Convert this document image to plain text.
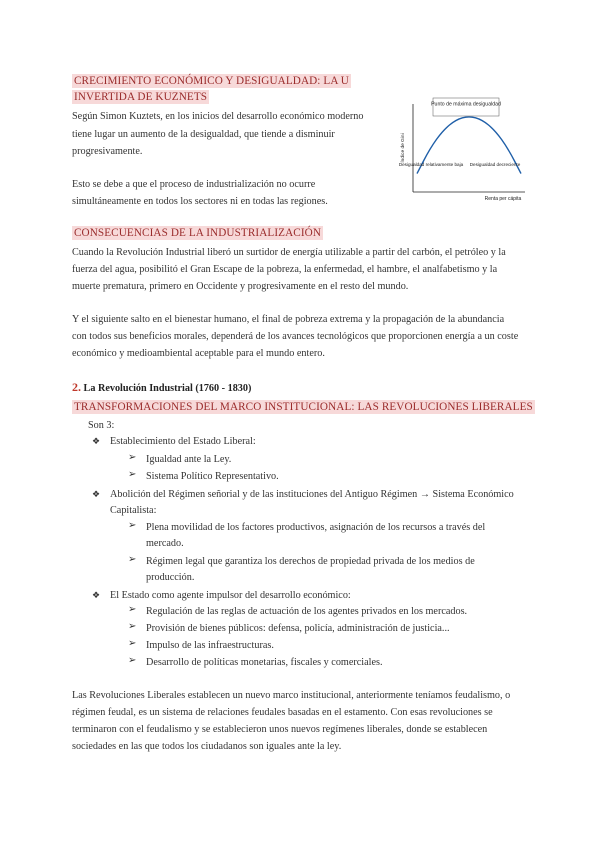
CRECIMIENTO ECONÓMICO Y DESIGUALDAD: LA U
INVERTIDA DE KUZNETS
Según Simon Kuztets, en los inicios del desarrollo económico moderno
tiene lugar un aumento de la desigualdad, que tiende a disminuir
progresivamente.
Esto se debe a que el proceso de industrialización no ocurre
simultáneamente en todos los sectores ni en todas las regiones.
Punto de máxima desigualdad
Índice de Gini
Renta per cápita
Desigualdad relativamente baja Desigualdad decreciente
CONSECUENCIAS DE LA INDUSTRIALIZACIÓN
Cuando la Revolución Industrial liberó un surtidor de energía utilizable a partir del carbón, el petróleo y la
fuerza del agua, posibilitó el Gran Escape de la pobreza, la enfermedad, el hambre, el analfabetismo y la
muerte prematura, primero en Occidente y progresivamente en el resto del mundo.
Y el siguiente salto en el bienestar humano, el final de pobreza extrema y la propagación de la abundancia
con todos sus beneficios morales, dependerá de los avances tecnológicos que proporcionen energía a un coste
económico y medioambiental aceptable para el mundo entero.
2. La Revolución Industrial (1760 - 1830)
TRANSFORMACIONES DEL MARCO INSTITUCIONAL: LAS REVOLUCIONES LIBERALES
Son 3:
❖ Establecimiento del Estado Liberal:
➢ Igualdad ante la Ley.
➢ Sistema Político Representativo.
❖ Abolición del Régimen señorial y de las instituciones del Antiguo Régimen → Sistema Económico
Capitalista:
➢ Plena movilidad de los factores productivos, asignación de los recursos a través del
mercado.
➢ Régimen legal que garantiza los derechos de propiedad privada de los medios de
producción.
❖ El Estado como agente impulsor del desarrollo económico:
➢ Regulación de las reglas de actuación de los agentes privados en los mercados.
➢ Provisión de bienes públicos: defensa, policía, administración de justicia...
➢ Impulso de las infraestructuras.
➢ Desarrollo de políticas monetarias, fiscales y comerciales.
Las Revoluciones Liberales establecen un nuevo marco institucional, anteriormente teníamos feudalismo, o
régimen feudal, es un sistema de relaciones feudales basadas en el estamento. Con esas revoluciones se
terminaron con el feudalismo y se establecieron unos nuevos regímenes liberales, donde se establecen
sociedades en las que todos los ciudadanos son iguales ante la ley.
